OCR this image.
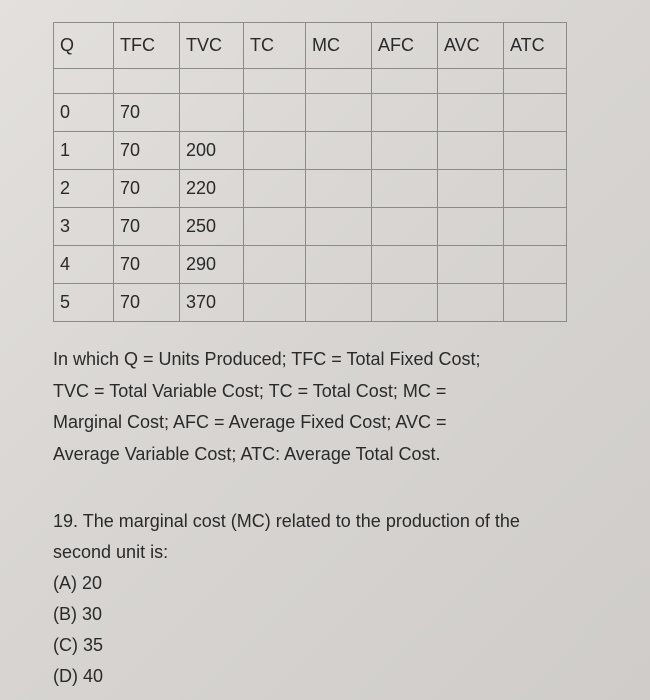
Q	TFC	TVC	TC	MC	AFC	AVC	ATC

0	70						
1	70	200					
2	70	220					
3	70	250					
4	70	290					
5	70	370					
In which Q = Units Produced; TFC = Total Fixed Cost;
TVC = Total Variable Cost; TC = Total Cost; MC =
Marginal Cost; AFC = Average Fixed Cost; AVC =
Average Variable Cost; ATC: Average Total Cost.
19. The marginal cost (MC) related to the production of the
second unit is:
(A) 20
(B) 30
(C) 35
(D) 40
